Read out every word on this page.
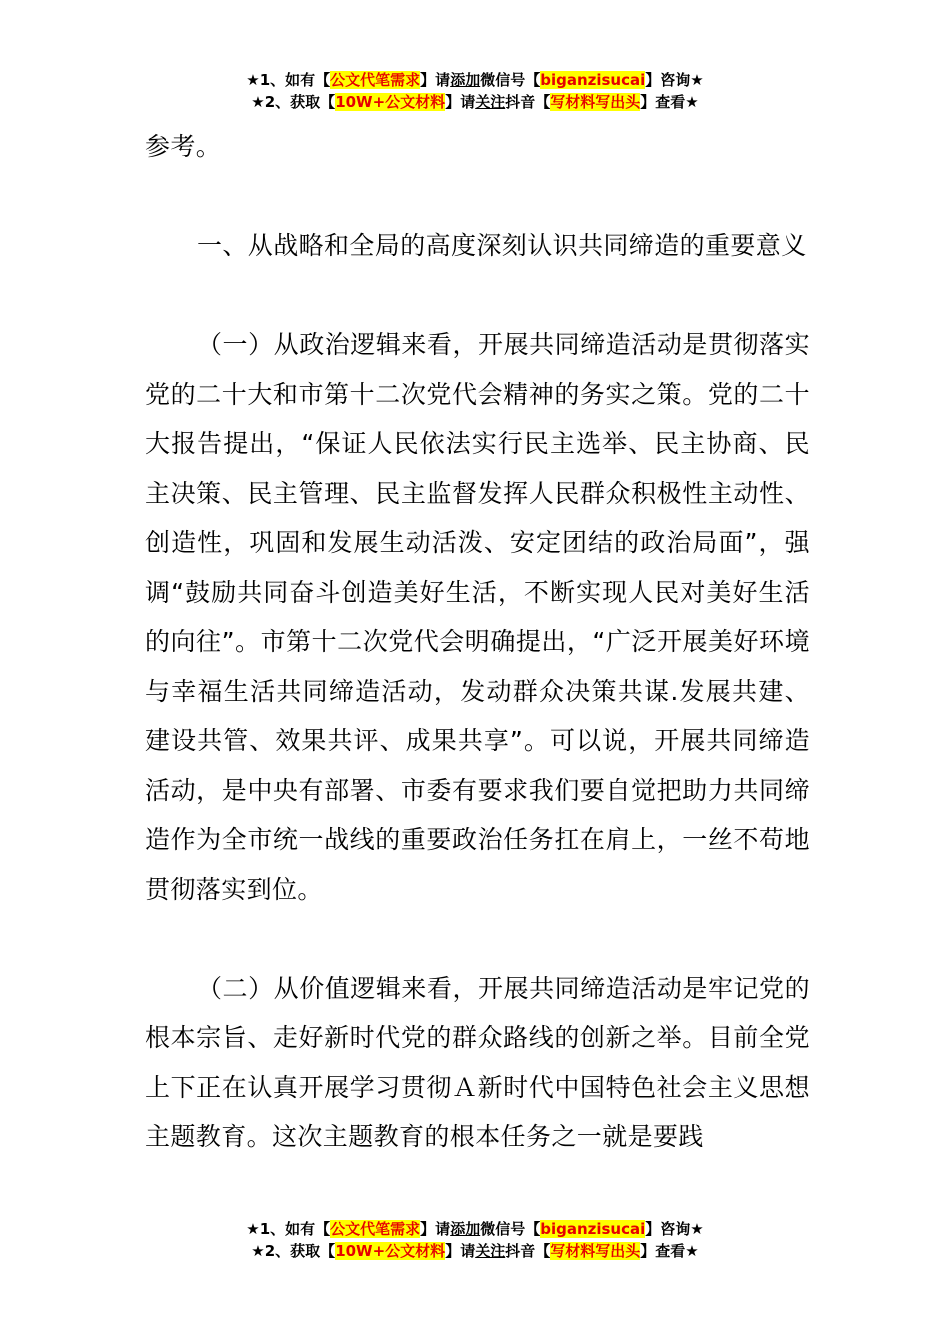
★1、如有【公文代笔需求】请添加微信号【biganzisucai】咨询★
★2、获取【10W+公文材料】请关注抖音【写材料写出头】查看★

参考。

一、从战略和全局的高度深刻认识共同缔造的重要意义

（一）从政治逻辑来看，开展共同缔造活动是贯彻落实党的二十大和市第十二次党代会精神的务实之策。党的二十大报告提出，“保证人民依法实行民主选举、民主协商、民主决策、民主管理、民主监督发挥人民群众积极性主动性、创造性，巩固和发展生动活泼、安定团结的政治局面”，强调“鼓励共同奋斗创造美好生活，不断实现人民对美好生活的向往”。市第十二次党代会明确提出，“广泛开展美好环境与幸福生活共同缔造活动，发动群众决策共谋.发展共建、建设共管、效果共评、成果共享”。可以说，开展共同缔造活动，是中央有部署、市委有要求我们要自觉把助力共同缔造作为全市统一战线的重要政治任务扛在肩上，一丝不苟地贯彻落实到位。

（二）从价值逻辑来看，开展共同缔造活动是牢记党的根本宗旨、走好新时代党的群众路线的创新之举。目前全党上下正在认真开展学习贯彻Ａ新时代中国特色社会主义思想主题教育。这次主题教育的根本任务之一就是要践

★1、如有【公文代笔需求】请添加微信号【biganzisucai】咨询★
★2、获取【10W+公文材料】请关注抖音【写材料写出头】查看★
